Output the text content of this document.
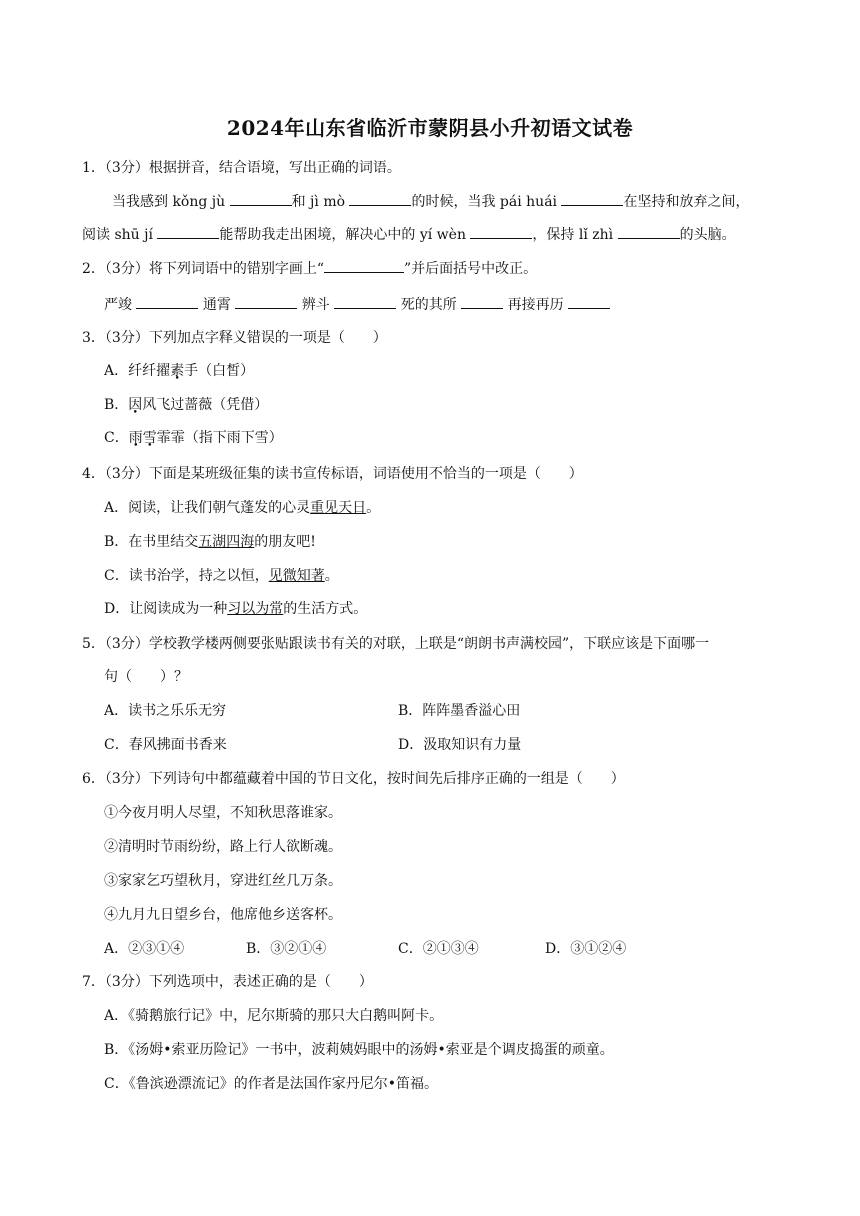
2024年山东省临沂市蒙阴县小升初语文试卷
1．（3分）根据拼音，结合语境，写出正确的词语。
当我感到 kǒng jù	和 jì mò	的时候，当我 pái huái	在坚持和放弃之间，
阅读 shū jí	能帮助我走出困境，解决心中的 yí wèn	，保持 lǐ zhì	的头脑。
2．（3分）将下列词语中的错别字画上“	”并后面括号中改正。
严竣	通霄	辨斗	死的其所	再接再历
3．（3分）下列加点字释义错误的一项是（　　）
A．纤纤擢素手（白皙）
B．因风飞过蔷薇（凭借）
C．雨雪霏霏（指下雨下雪）
4．（3分）下面是某班级征集的读书宣传标语，词语使用不恰当的一项是（　　）
A．阅读，让我们朝气蓬发的心灵重见天日。
B．在书里结交五湖四海的朋友吧!
C．读书治学，持之以恒，见微知著。
D．让阅读成为一种习以为常的生活方式。
5．（3分）学校教学楼两侧要张贴跟读书有关的对联，上联是“朗朗书声满校园”，下联应该是下面哪一
句（　　）？
A．读书之乐乐无穷	B．阵阵墨香溢心田
C．春风拂面书香来	D．汲取知识有力量
6．（3分）下列诗句中都蕴藏着中国的节日文化，按时间先后排序正确的一组是（　　）
①今夜月明人尽望，不知秋思落谁家。
②清明时节雨纷纷，路上行人欲断魂。
③家家乞巧望秋月，穿进红丝几万条。
④九月九日望乡台，他席他乡送客杯。
A．②③①④	B．③②①④	C．②①③④	D．③①②④
7．（3分）下列选项中，表述正确的是（　　）
A．《骑鹅旅行记》中，尼尔斯骑的那只大白鹅叫阿卡。
B．《汤姆•索亚历险记》一书中，波莉姨妈眼中的汤姆•索亚是个调皮捣蛋的顽童。
C．《鲁滨逊漂流记》的作者是法国作家丹尼尔•笛福。
